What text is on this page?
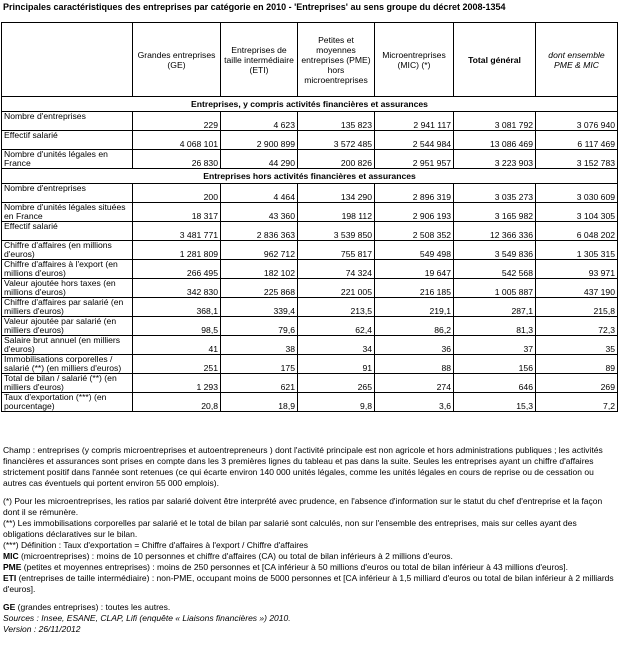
Principales caractéristiques des entreprises par catégorie en 2010 - 'Entreprises' au sens groupe du décret 2008-1354
	Grandes entreprises (GE)	Entreprises de taille intermédiaire (ETI)	Petites et moyennes entreprises (PME) hors microentreprises	Microentreprises (MIC) (*)	Total général	dont ensemble PME & MIC
Entreprises, y compris activités financières et assurances						
Nombre d'entreprises	229	4 623	135 823	2 941 117	3 081 792	3 076 940
Effectif salarié	4 068 101	2 900 899	3 572 485	2 544 984	13 086 469	6 117 469
Nombre d'unités légales en France	26 830	44 290	200 826	2 951 957	3 223 903	3 152 783
Entreprises hors activités financières et assurances						
Nombre d'entreprises	200	4 464	134 290	2 896 319	3 035 273	3 030 609
Nombre d'unités légales situées en France	18 317	43 360	198 112	2 906 193	3 165 982	3 104 305
Effectif salarié	3 481 771	2 836 363	3 539 850	2 508 352	12 366 336	6 048 202
Chiffre d'affaires (en millions d'euros)	1 281 809	962 712	755 817	549 498	3 549 836	1 305 315
Chiffre d'affaires à l'export (en millions d'euros)	266 495	182 102	74 324	19 647	542 568	93 971
Valeur ajoutée hors taxes (en millions d'euros)	342 830	225 868	221 005	216 185	1 005 887	437 190
Chiffre d'affaires par salarié (en milliers d'euros)	368,1	339,4	213,5	219,1	287,1	215,8
Valeur ajoutée par salarié (en milliers d'euros)	98,5	79,6	62,4	86,2	81,3	72,3
Salaire brut annuel (en milliers d'euros)	41	38	34	36	37	35
Immobilisations corporelles / salarié (**) (en milliers d'euros)	251	175	91	88	156	89
Total de bilan / salarié (**) (en milliers d'euros)	1 293	621	265	274	646	269
Taux d'exportation (***) (en pourcentage)	20,8	18,9	9,8	3,6	15,3	7,2

Champ : entreprises (y compris microentreprises et autoentrepreneurs ) dont l'activité principale est non agricole et hors administrations publiques ; les activités financières et assurances sont prises en compte dans les 3 premières lignes du tableau et pas dans la suite. Seules les entreprises ayant un chiffre d'affaires strictement positif dans l'année sont retenues (ce qui écarte environ 140 000 unités légales, comme les unités légales en cours de reprise ou de cessation ou autres cas éventuels qui portent environ 55 000 emplois).

(*) Pour les microentreprises, les ratios par salarié doivent être interprété avec prudence, en l'absence d'information sur le statut du chef d'entreprise et la façon dont il se rémunère.

(**) Les immobilisations corporelles par salarié et le total de bilan par salarié sont calculés, non sur l'ensemble des entreprises, mais sur celles ayant des obligations déclaratives sur le bilan.

(***) Définition : Taux d'exportation = Chiffre d'affaires à l'export / Chiffre d'affaires

MIC (microentreprises) : moins de 10 personnes et chiffre d'affaires (CA) ou total de bilan inférieurs à 2 millions d'euros.

PME (petites et moyennes entreprises) : moins de 250 personnes et [CA inférieur à 50 millions d'euros ou total de bilan inférieur à 43 millions d'euros].

ETI (entreprises de taille intermédiaire) : non-PME, occupant moins de 5000 personnes et [CA inférieur à 1,5 milliard d'euros ou total de bilan inférieur à 2 milliards d'euros].

GE (grandes entreprises) : toutes les autres.

Sources : Insee, ESANE, CLAP, Lifi (enquête « Liaisons financières ») 2010.

Version : 26/11/2012
